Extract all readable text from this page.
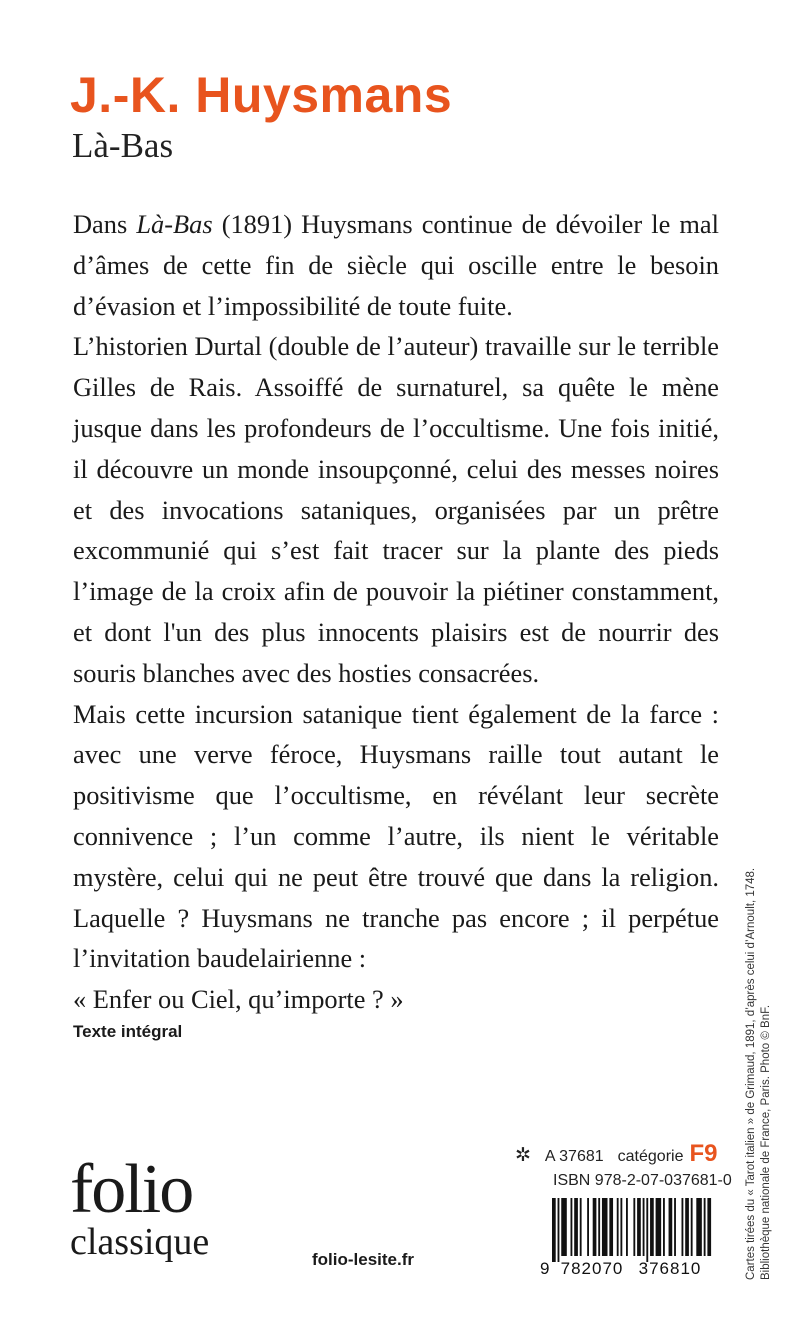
J.-K. Huysmans
Là-Bas

Dans Là-Bas (1891) Huysmans continue de dévoiler le mal d’âmes de cette fin de siècle qui oscille entre le besoin d’évasion et l’impossibilité de toute fuite.

L’historien Durtal (double de l’auteur) travaille sur le terrible Gilles de Rais. Assoiffé de surnaturel, sa quête le mène jusque dans les profondeurs de l’occultisme. Une fois initié, il découvre un monde insoupçonné, celui des messes noires et des invocations sataniques, organisées par un prêtre excommunié qui s’est fait tracer sur la plante des pieds l’image de la croix afin de pouvoir la piétiner constamment, et dont l'un des plus innocents plaisirs est de nourrir des souris blanches avec des hosties consacrées.

Mais cette incursion satanique tient également de la farce : avec une verve féroce, Huysmans raille tout autant le positivisme que l’occultisme, en révélant leur secrète connivence ; l’un comme l’autre, ils nient le véritable mystère, celui qui ne peut être trouvé que dans la religion. Laquelle ? Huysmans ne tranche pas encore ; il perpétue l’invitation baudelairienne :

« Enfer ou Ciel, qu’importe ? »

Texte intégral
folio
classique	folio-lesite.fr
✲ A 37681 catégorie F9
ISBN 978-2-07-037681-0
9 782070 376810	Cartes tirées du « Tarot italien » de Grimaud, 1891, d’après celui d’Arnoult, 1748. Bibliothèque nationale de France, Paris. Photo © BnF.
